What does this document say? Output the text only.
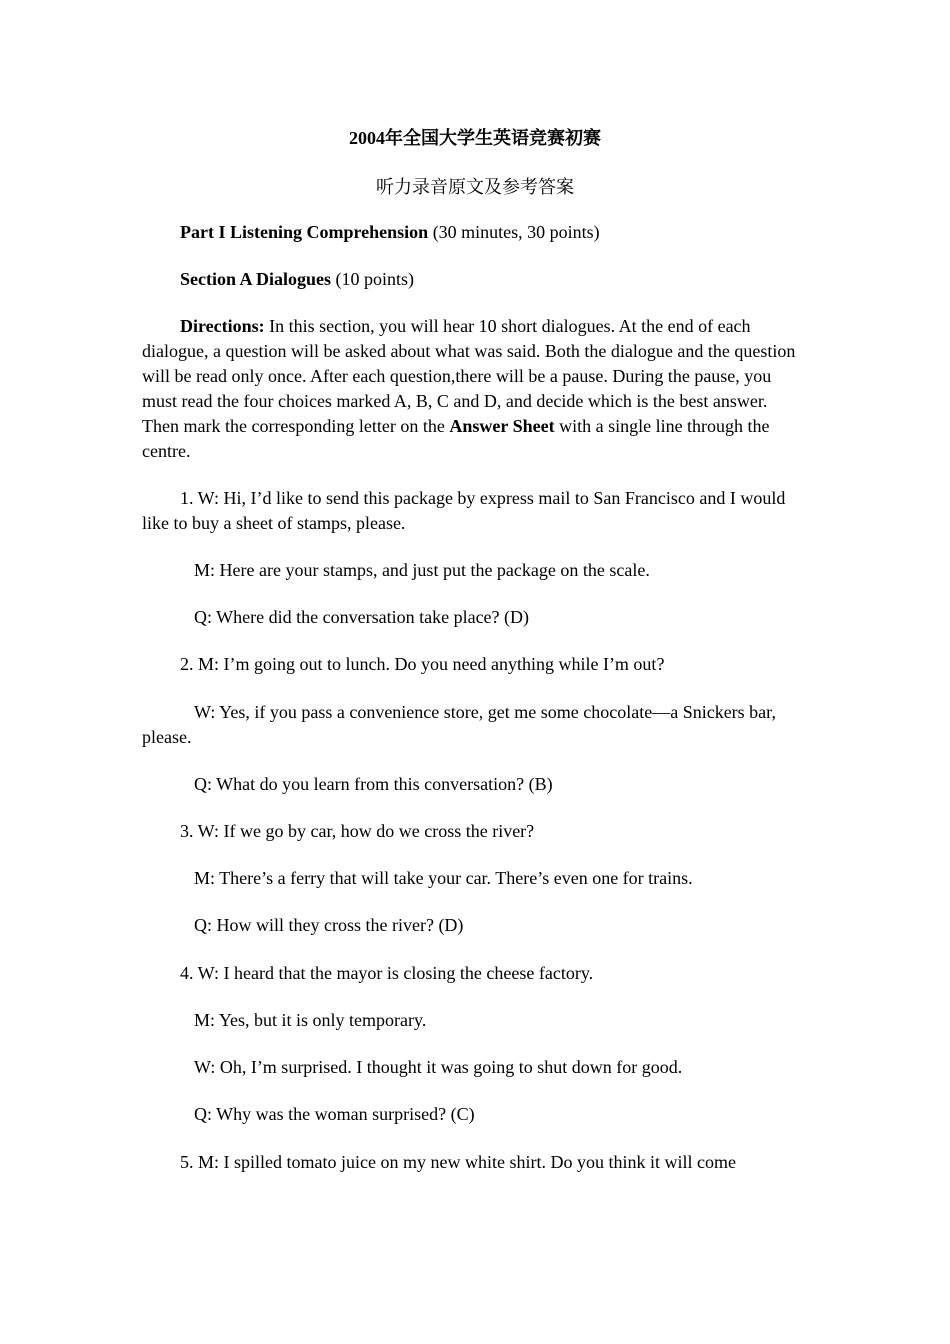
2004年全国大学生英语竞赛初赛
听力录音原文及参考答案
Part I Listening Comprehension (30 minutes, 30 points)
Section A Dialogues (10 points)
Directions: In this section, you will hear 10 short dialogues. At the end of each dialogue, a question will be asked about what was said. Both the dialogue and the question will be read only once. After each question,there will be a pause. During the pause, you must read the four choices marked A, B, C and D, and decide which is the best answer. Then mark the corresponding letter on the Answer Sheet with a single line through the centre.
1. W: Hi, I’d like to send this package by express mail to San Francisco and I would like to buy a sheet of stamps, please.
M: Here are your stamps, and just put the package on the scale.
Q: Where did the conversation take place? (D)
2. M: I’m going out to lunch. Do you need anything while I’m out?
W: Yes, if you pass a convenience store, get me some chocolate—a Snickers bar, please.
Q: What do you learn from this conversation? (B)
3. W: If we go by car, how do we cross the river?
M: There’s a ferry that will take your car. There’s even one for trains.
Q: How will they cross the river? (D)
4. W: I heard that the mayor is closing the cheese factory.
M: Yes, but it is only temporary.
W: Oh, I’m surprised. I thought it was going to shut down for good.
Q: Why was the woman surprised? (C)
5. M: I spilled tomato juice on my new white shirt. Do you think it will come
